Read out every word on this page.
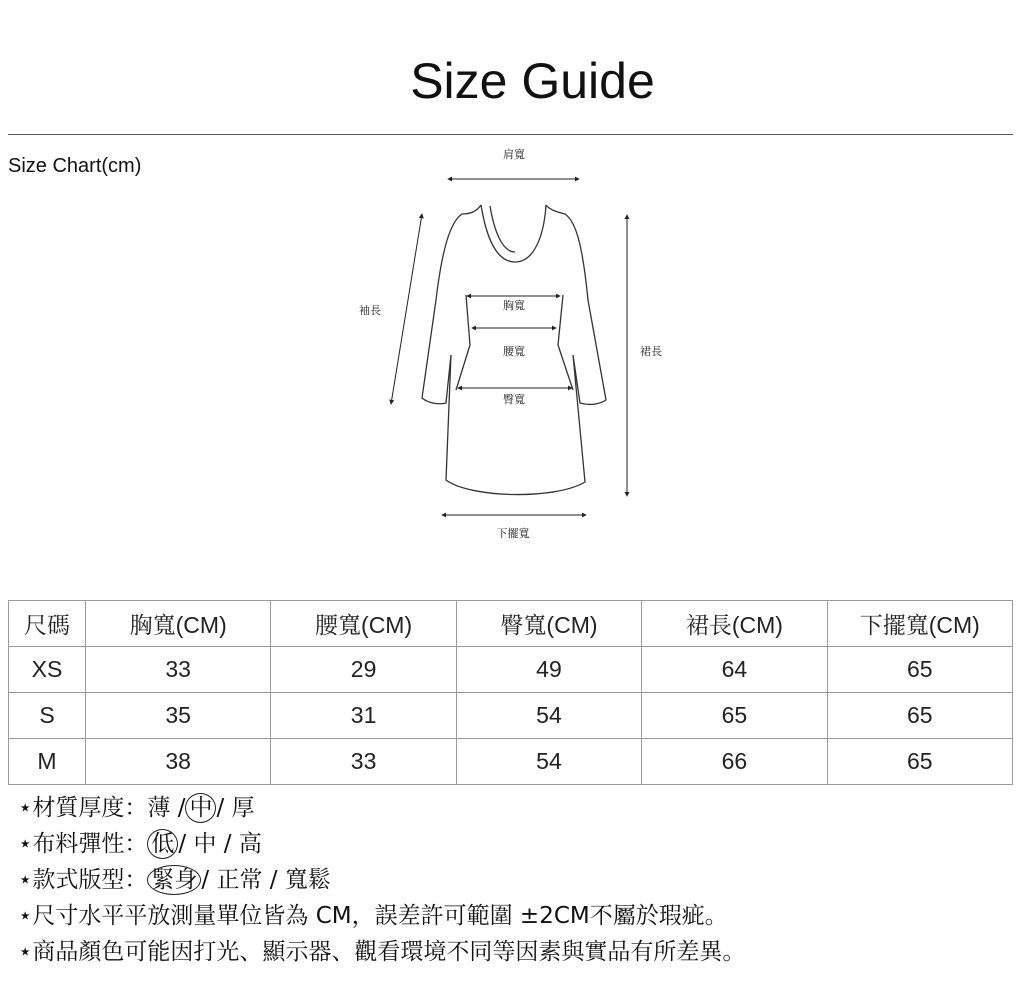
Size Guide
Size Chart(cm)
肩寬
袖長	胸寬
腰寬
臀寬
裙長
下擺寬
尺碼	胸寬(CM)	腰寬(CM)	臀寬(CM)	裙長(CM)	下擺寬(CM)
XS	33	29	49	64	65
S	35	31	54	65	65
M	38	33	54	66	65
⋆材質厚度：薄 / 中 / 厚
⋆布料彈性： 低 / 中 / 高
⋆款式版型： 緊身 / 正常 / 寬鬆
⋆尺寸水平平放測量單位皆為 CM，誤差許可範圍 ±2CM不屬於瑕疵。
⋆商品顏色可能因打光、顯示器、觀看環境不同等因素與實品有所差異。
